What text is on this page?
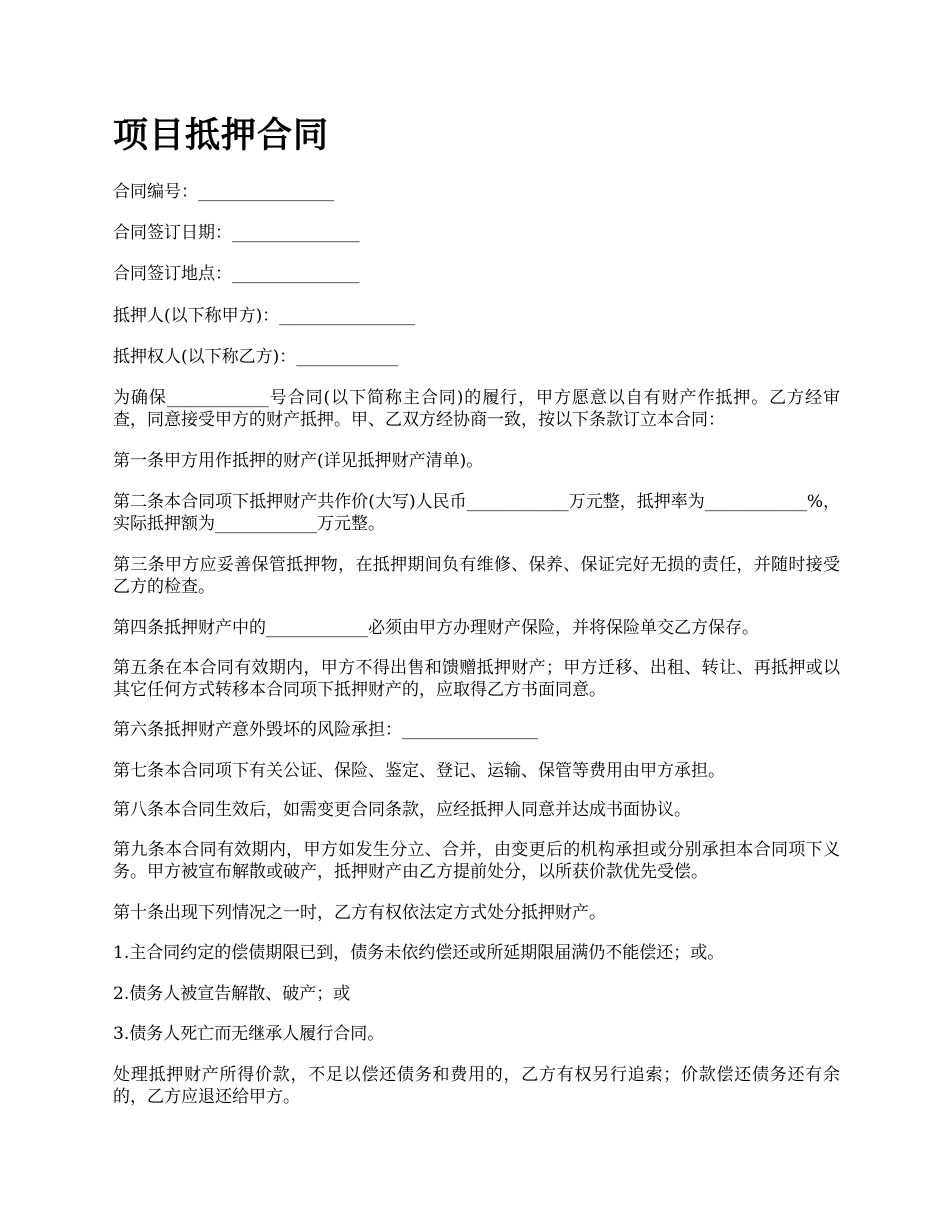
项目抵押合同

合同编号：________________

合同签订日期：_______________

合同签订地点：_______________

抵押人(以下称甲方)：________________

抵押权人(以下称乙方)：____________

为确保____________号合同(以下简称主合同)的履行，甲方愿意以自有财产作抵押。乙方经审查，同意接受甲方的财产抵押。甲、乙双方经协商一致，按以下条款订立本合同：

第一条甲方用作抵押的财产(详见抵押财产清单)。

第二条本合同项下抵押财产共作价(大写)人民币____________万元整，抵押率为____________%，实际抵押额为____________万元整。

第三条甲方应妥善保管抵押物，在抵押期间负有维修、保养、保证完好无损的责任，并随时接受乙方的检查。

第四条抵押财产中的____________必须由甲方办理财产保险，并将保险单交乙方保存。

第五条在本合同有效期内，甲方不得出售和馈赠抵押财产；甲方迁移、出租、转让、再抵押或以其它任何方式转移本合同项下抵押财产的，应取得乙方书面同意。

第六条抵押财产意外毁坏的风险承担：________________

第七条本合同项下有关公证、保险、鉴定、登记、运输、保管等费用由甲方承担。

第八条本合同生效后，如需变更合同条款，应经抵押人同意并达成书面协议。

第九条本合同有效期内，甲方如发生分立、合并，由变更后的机构承担或分别承担本合同项下义务。甲方被宣布解散或破产，抵押财产由乙方提前处分，以所获价款优先受偿。

第十条出现下列情况之一时，乙方有权依法定方式处分抵押财产。

1.主合同约定的偿债期限已到，债务未依约偿还或所延期限届满仍不能偿还；或。

2.债务人被宣告解散、破产；或

3.债务人死亡而无继承人履行合同。

处理抵押财产所得价款，不足以偿还债务和费用的，乙方有权另行追索；价款偿还债务还有余的，乙方应退还给甲方。
